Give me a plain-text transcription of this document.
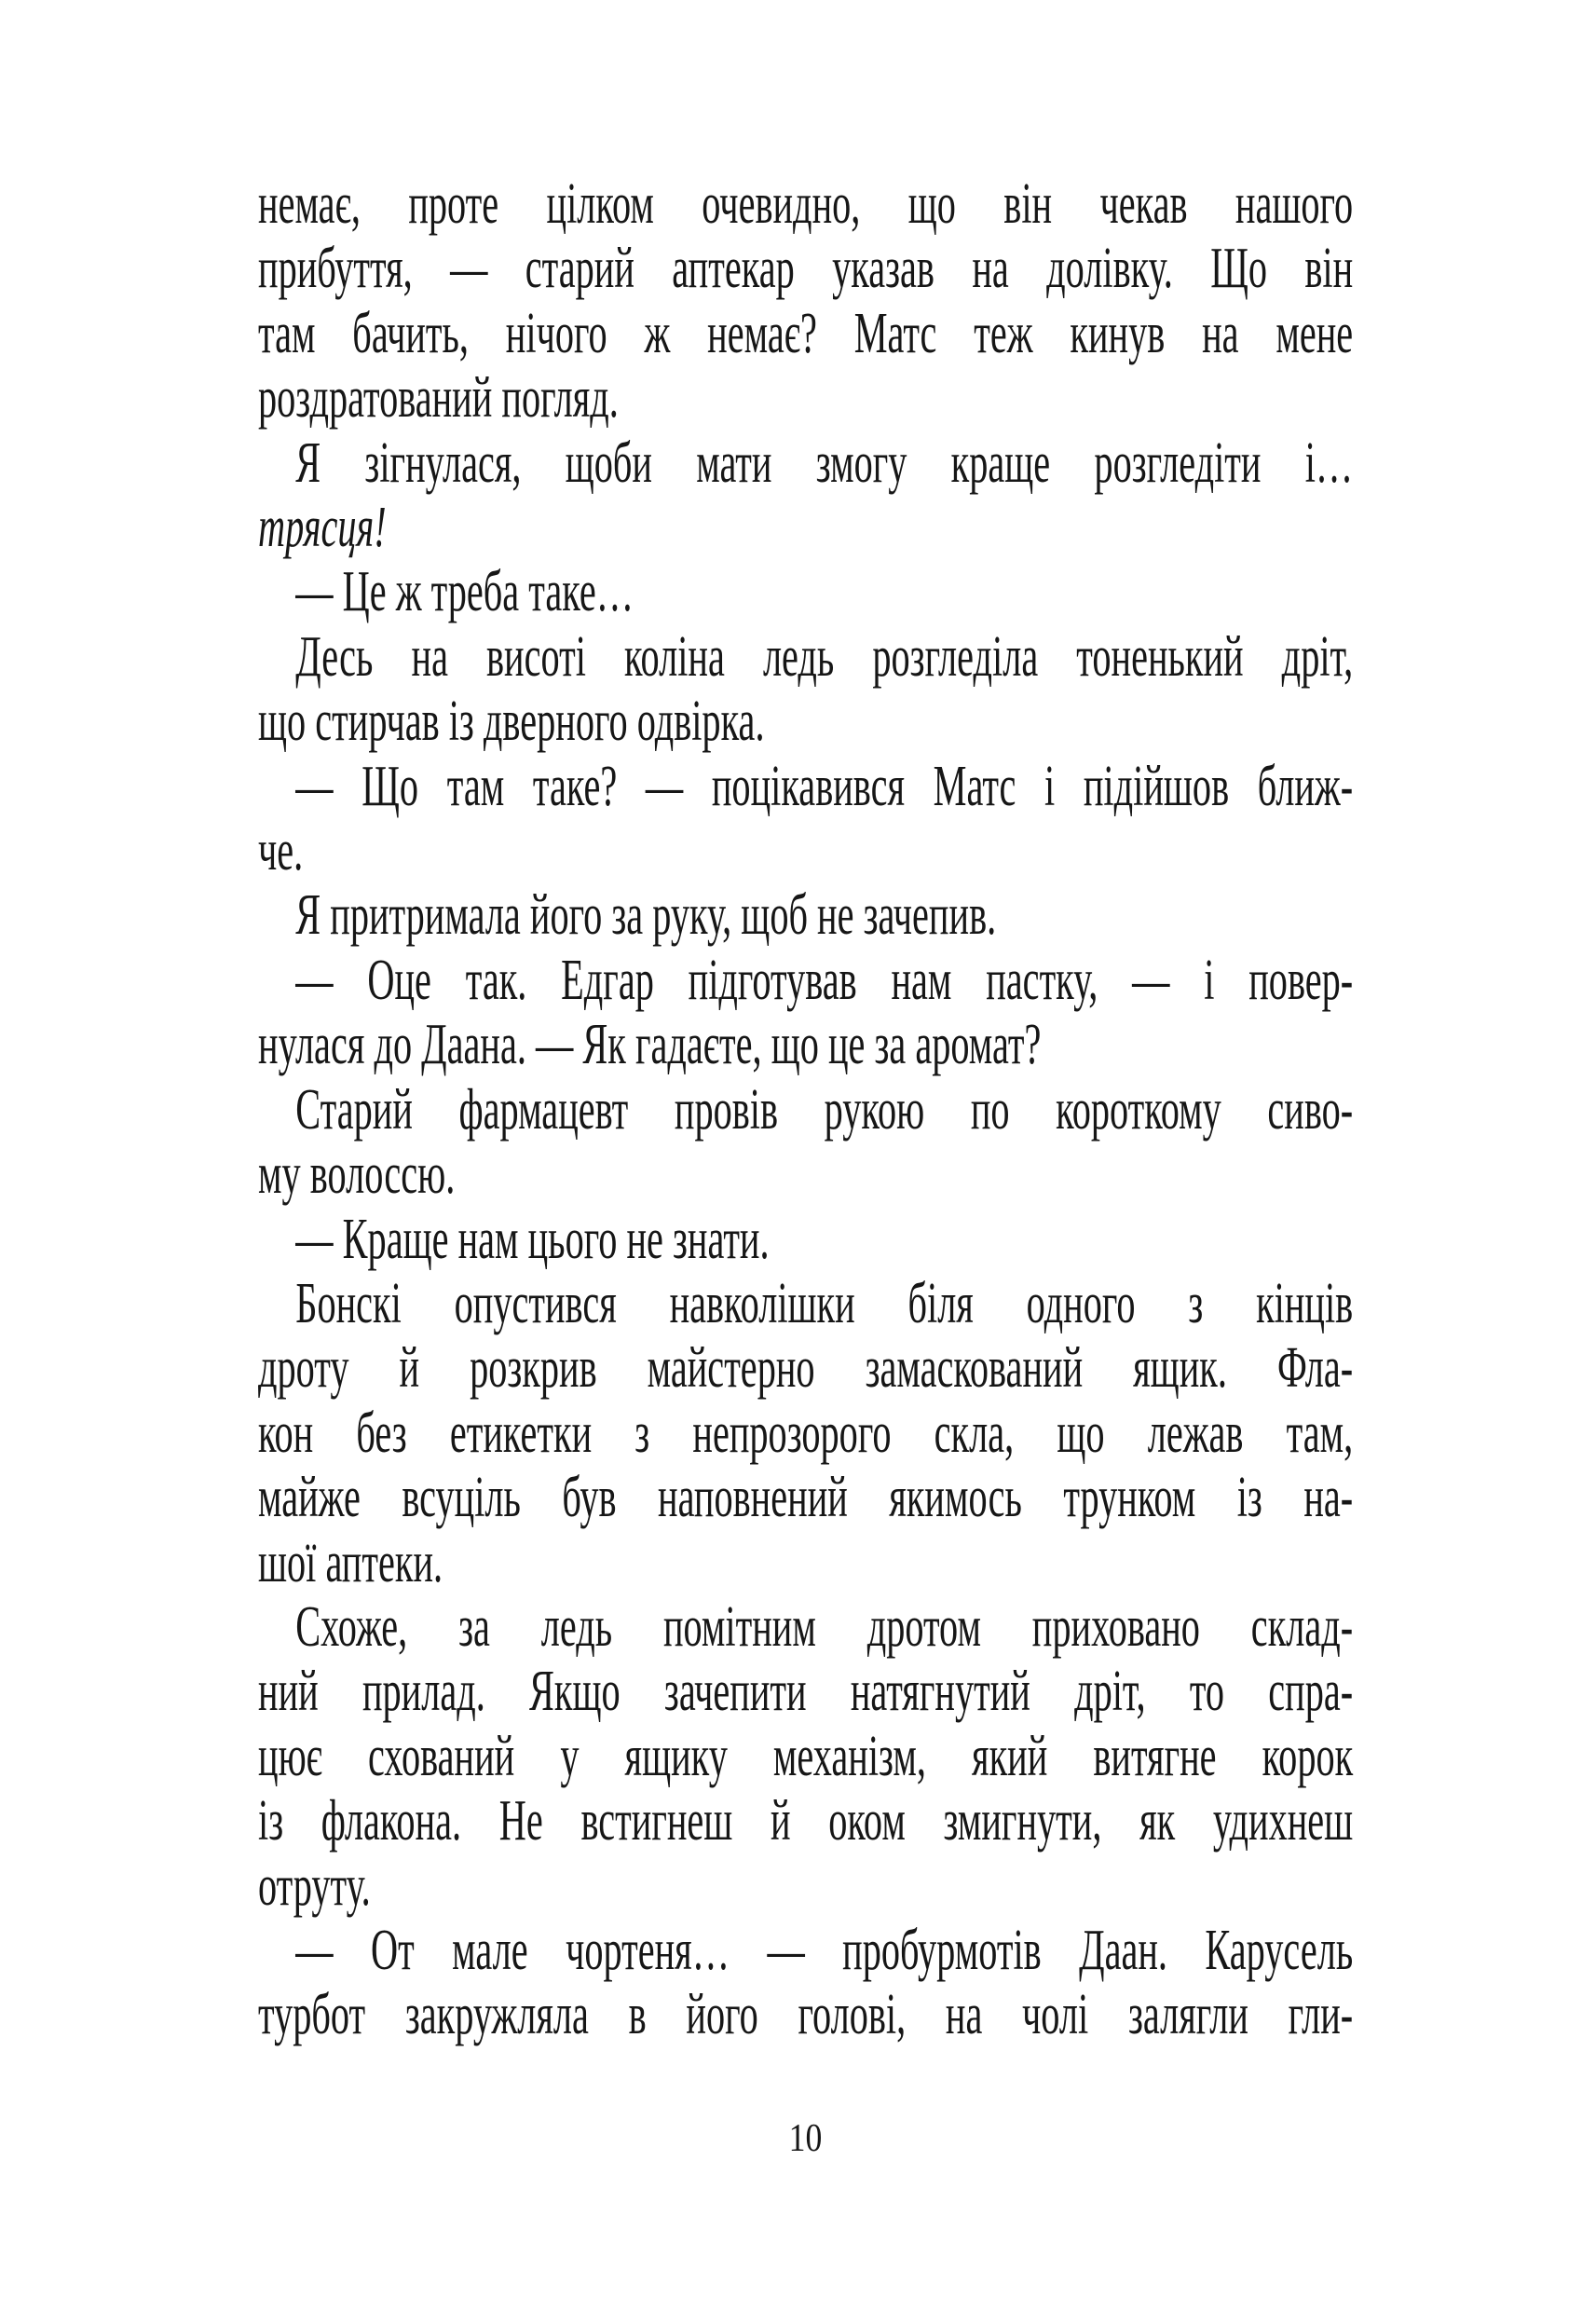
немає, проте цілком очевидно, що він чекав нашого
прибуття, — старий аптекар указав на долівку. Що він
там бачить, нічого ж немає? Матс теж кинув на мене
роздратований погляд.
Я зігнулася, щоби мати змогу краще розгледіти і…
трясця!
— Це ж треба таке…
Десь на висоті коліна ледь розгледіла тоненький дріт,
що стирчав із дверного одвірка.
— Що там таке? — поцікавився Матс і підійшов ближ-
че.
Я притримала його за руку, щоб не зачепив.
— Оце так. Едгар підготував нам пастку, — і повер-
нулася до Даана. — Як гадаєте, що це за аромат?
Старий фармацевт провів рукою по короткому сиво-
му волоссю.
— Краще нам цього не знати.
Бонскі опустився навколішки біля одного з кінців
дроту й розкрив майстерно замаскований ящик. Фла-
кон без етикетки з непрозорого скла, що лежав там,
майже всуціль був наповнений якимось трунком із на-
шої аптеки.
Схоже, за ледь помітним дротом приховано склад-
ний прилад. Якщо зачепити натягнутий дріт, то спра-
цює схований у ящику механізм, який витягне корок
із флакона. Не встигнеш й оком змигнути, як удихнеш
отруту.
— От мале чортеня… — пробурмотів Даан. Карусель
турбот закружляла в його голові, на чолі залягли гли-
10
